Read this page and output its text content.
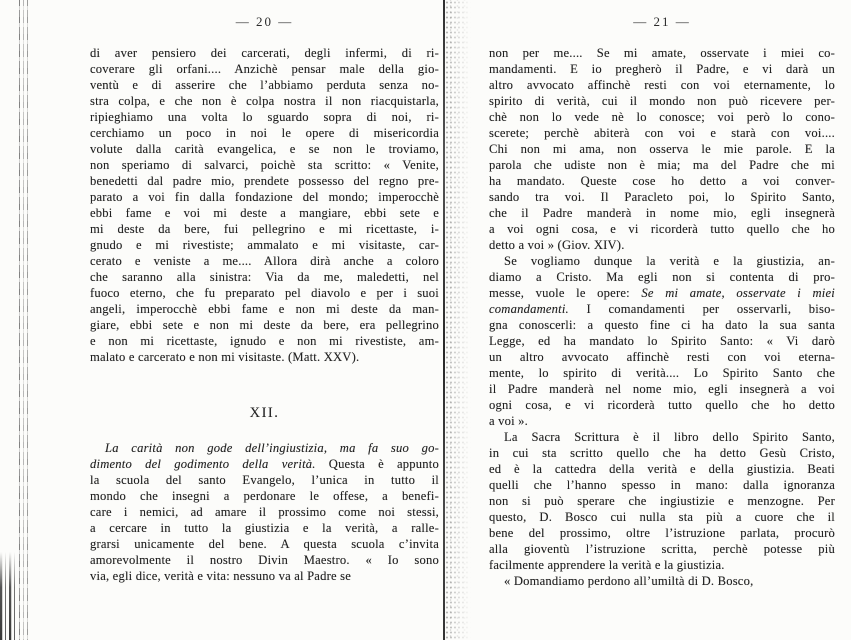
— 20 —
di aver pensiero dei carcerati, degli infermi, di ri-
coverare gli orfani.... Anzichè pensar male della gio-
ventù e di asserire che l’abbiamo perduta senza no-
stra colpa, e che non è colpa nostra il non riacquistarla,
ripieghiamo una volta lo sguardo sopra di noi, ri-
cerchiamo un poco in noi le opere di misericordia
volute dalla carità evangelica, e se non le troviamo,
non speriamo di salvarci, poichè sta scritto: « Venite,
benedetti dal padre mio, prendete possesso del regno pre-
parato a voi fin dalla fondazione del mondo; imperocchè
ebbi fame e voi mi deste a mangiare, ebbi sete e
mi deste da bere, fui pellegrino e mi ricettaste, i-
gnudo e mi rivestiste; ammalato e mi visitaste, car-
cerato e veniste a me.... Allora dirà anche a coloro
che saranno alla sinistra: Via da me, maledetti, nel
fuoco eterno, che fu preparato pel diavolo e per i suoi
angeli, imperocchè ebbi fame e non mi deste da man-
giare, ebbi sete e non mi deste da bere, era pellegrino
e non mi ricettaste, ignudo e non mi rivestiste, am-
malato e carcerato e non mi visitaste. (Matt. XXV).
XII.
La carità non gode dell’ingiustizia, ma fa suo go-
dimento del godimento della verità. Questa è appunto
la scuola del santo Evangelo, l’unica in tutto il
mondo che insegni a perdonare le offese, a benefi-
care i nemici, ad amare il prossimo come noi stessi,
a cercare in tutto la giustizia e la verità, a ralle-
grarsi unicamente del bene. A questa scuola c’invita
amorevolmente il nostro Divin Maestro. « Io sono
via, egli dice, verità e vita: nessuno va al Padre se
— 21 —
non per me.... Se mi amate, osservate i miei co-
mandamenti. E io pregherò il Padre, e vi darà un
altro avvocato affinchè resti con voi eternamente, lo
spirito di verità, cui il mondo non può ricevere per-
chè non lo vede nè lo conosce; voi però lo cono-
scerete; perchè abiterà con voi e starà con voi....
Chi non mi ama, non osserva le mie parole. E la
parola che udiste non è mia; ma del Padre che mi
ha mandato. Queste cose ho detto a voi conver-
sando tra voi. Il Paracleto poi, lo Spirito Santo,
che il Padre manderà in nome mio, egli insegnerà
a voi ogni cosa, e vi ricorderà tutto quello che ho
detto a voi » (Giov. XIV).
Se vogliamo dunque la verità e la giustizia, an-
diamo a Cristo. Ma egli non si contenta di pro-
messe, vuole le opere: Se mi amate, osservate i miei
comandamenti. I comandamenti per osservarli, biso-
gna conoscerli: a questo fine ci ha dato la sua santa
Legge, ed ha mandato lo Spirito Santo: « Vi darò
un altro avvocato affinchè resti con voi eterna-
mente, lo spirito di verità.... Lo Spirito Santo che
il Padre manderà nel nome mio, egli insegnerà a voi
ogni cosa, e vi ricorderà tutto quello che ho detto
a voi ».
La Sacra Scrittura è il libro dello Spirito Santo,
in cui sta scritto quello che ha detto Gesù Cristo,
ed è la cattedra della verità e della giustizia. Beati
quelli che l’hanno spesso in mano: dalla ignoranza
non si può sperare che ingiustizie e menzogne. Per
questo, D. Bosco cui nulla sta più a cuore che il
bene del prossimo, oltre l’istruzione parlata, procurò
alla gioventù l’istruzione scritta, perchè potesse più
facilmente apprendere la verità e la giustizia.
« Domandiamo perdono all’umiltà di D. Bosco,
